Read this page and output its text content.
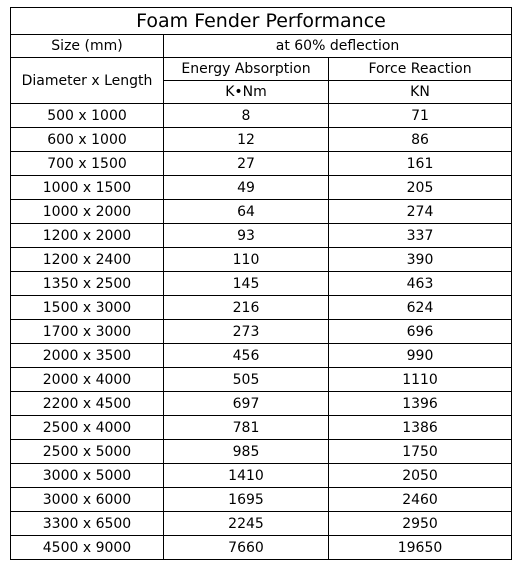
Foam Fender Performance		
Size (mm)	at 60% deflection	
Diameter x Length	Energy Absorption	Force Reaction
	K•Nm	KN
500 x 1000	8	71
600 x 1000	12	86
700 x 1500	27	161
1000 x 1500	49	205
1000 x 2000	64	274
1200 x 2000	93	337
1200 x 2400	110	390
1350 x 2500	145	463
1500 x 3000	216	624
1700 x 3000	273	696
2000 x 3500	456	990
2000 x 4000	505	1110
2200 x 4500	697	1396
2500 x 4000	781	1386
2500 x 5000	985	1750
3000 x 5000	1410	2050
3000 x 6000	1695	2460
3300 x 6500	2245	2950
4500 x 9000	7660	19650
